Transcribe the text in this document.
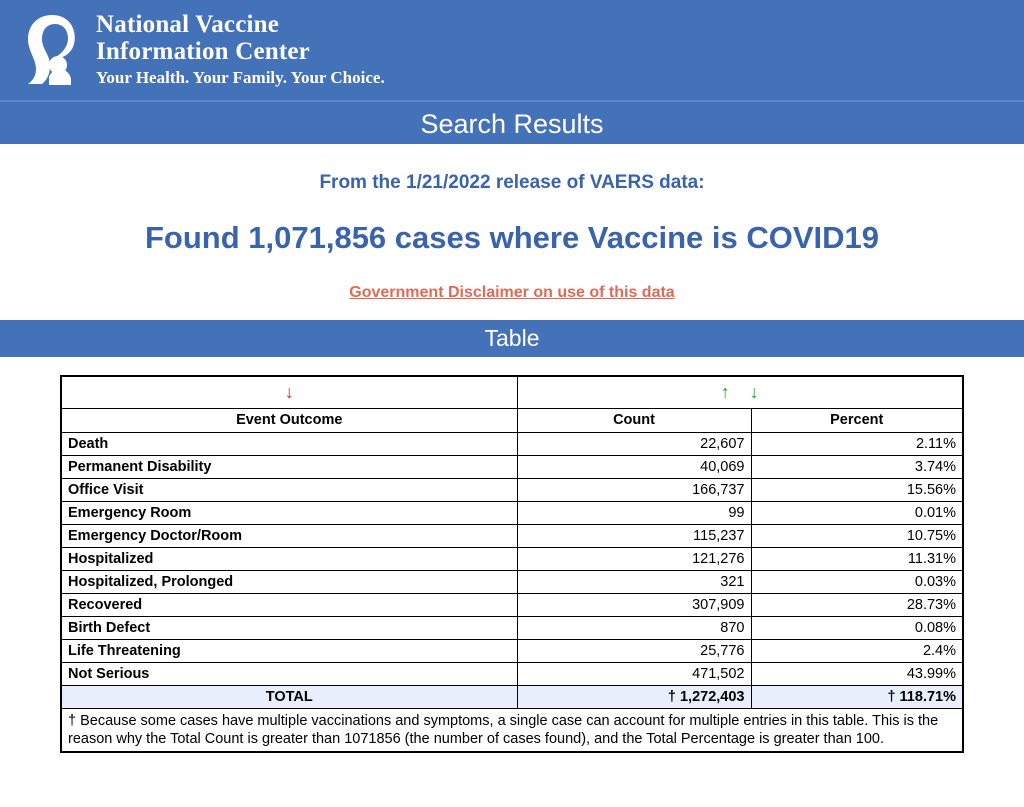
National Vaccine
Information Center
Your Health. Your Family. Your Choice.
Search Results

From the 1/21/2022 release of VAERS data:

Found 1,071,856 cases where Vaccine is COVID19

Government Disclaimer on use of this data
Table
↓	↑ ↓	
Event Outcome	Count	Percent
Death	22,607	2.11%
Permanent Disability	40,069	3.74%
Office Visit	166,737	15.56%
Emergency Room	99	0.01%
Emergency Doctor/Room	115,237	10.75%
Hospitalized	121,276	11.31%
Hospitalized, Prolonged	321	0.03%
Recovered	307,909	28.73%
Birth Defect	870	0.08%
Life Threatening	25,776	2.4%
Not Serious	471,502	43.99%
TOTAL	† 1,272,403	† 118.71%
† Because some cases have multiple vaccinations and symptoms, a single case can account for multiple entries in this table. This is the reason why the Total Count is greater than 1071856 (the number of cases found), and the Total Percentage is greater than 100.		
